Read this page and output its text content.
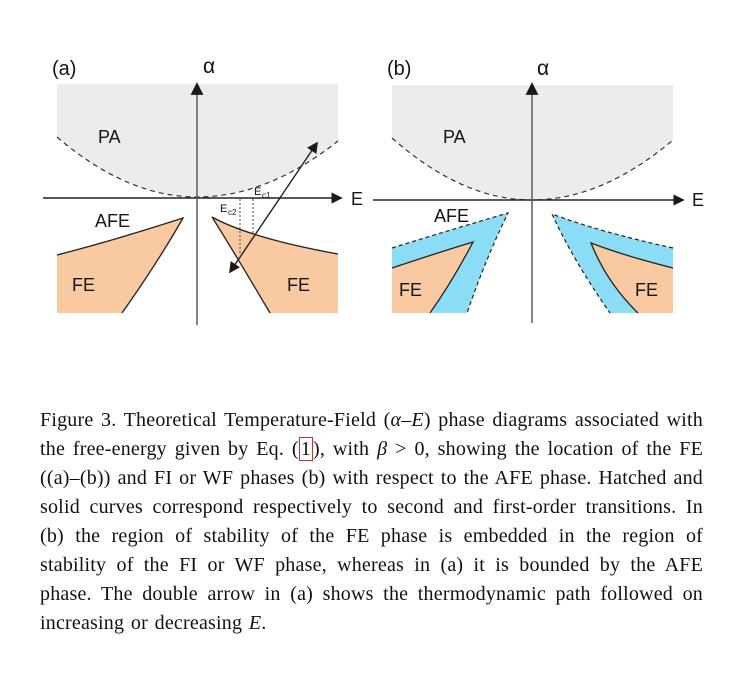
(a)	α
E
PA
AFE
FE	FE
E c1
E c2
(b)	α
E
PA
AFE
FE	FE

Figure 3. Theoretical Temperature-Field (α–E) phase diagrams associated with the free-energy given by Eq. ( 1 ), with β > 0, showing the location of the FE ((a)–(b)) and FI or WF phases (b) with respect to the AFE phase. Hatched and solid curves correspond respectively to second and first-order transitions. In (b) the region of stability of the FE phase is embedded in the region of stability of the FI or WF phase, whereas in (a) it is bounded by the AFE phase. The double arrow in (a) shows the thermodynamic path followed on increasing or decreasing E.
